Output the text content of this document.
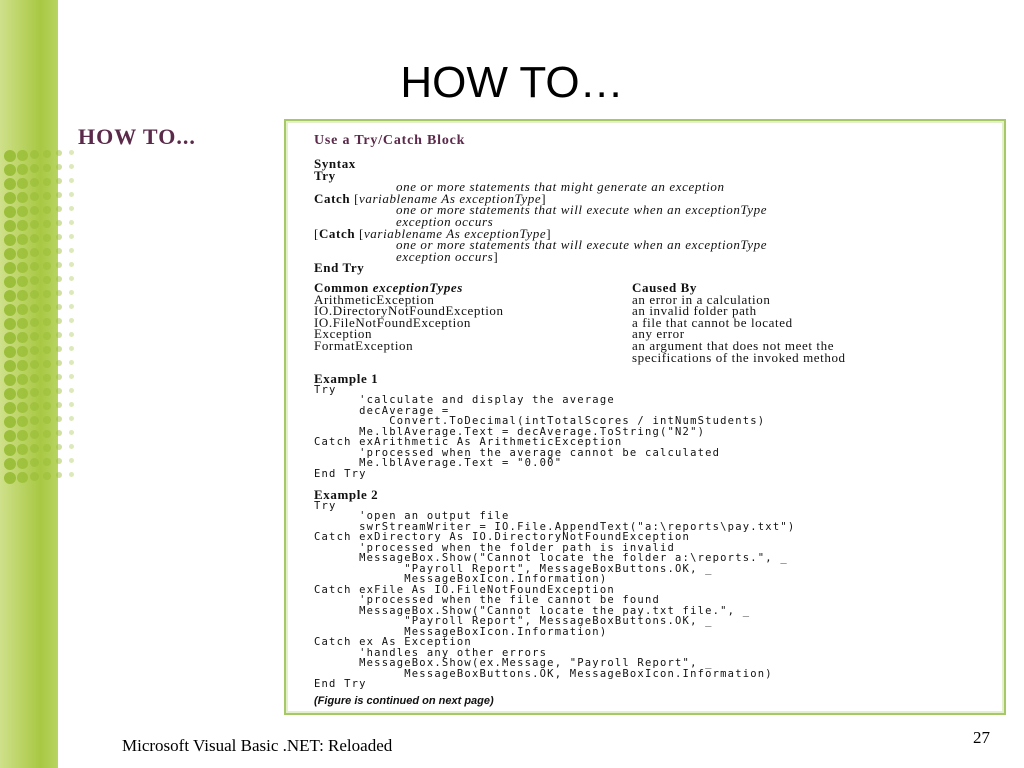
HOW TO…
HOW TO...	Use a Try/Catch Block
Syntax
Try
one or more statements that might generate an exception
Catch [variablename As exceptionType]
one or more statements that will execute when an exceptionType
exception occurs
[Catch [variablename As exceptionType]
one or more statements that will execute when an exceptionType
exception occurs]
End Try
Common exceptionTypes	Caused By
ArithmeticException	an error in a calculation
IO.DirectoryNotFoundException	an invalid folder path
IO.FileNotFoundException	a file that cannot be located
Exception	any error
FormatException	an argument that does not meet the
specifications of the invoked method
Example 1
Try
'calculate and display the average
decAverage =
Convert.ToDecimal(intTotalScores / intNumStudents)
Me.lblAverage.Text = decAverage.ToString("N2")
Catch exArithmetic As ArithmeticException
'processed when the average cannot be calculated
Me.lblAverage.Text = "0.00"
End Try
Example 2
Try
'open an output file
swrStreamWriter = IO.File.AppendText("a:\reports\pay.txt")
Catch exDirectory As IO.DirectoryNotFoundException
'processed when the folder path is invalid
MessageBox.Show("Cannot locate the folder a:\reports.", _
"Payroll Report", MessageBoxButtons.OK, _
MessageBoxIcon.Information)
Catch exFile As IO.FileNotFoundException
'processed when the file cannot be found
MessageBox.Show("Cannot locate the pay.txt file.", _
"Payroll Report", MessageBoxButtons.OK, _
MessageBoxIcon.Information)
Catch ex As Exception
'handles any other errors
MessageBox.Show(ex.Message, "Payroll Report", _
MessageBoxButtons.OK, MessageBoxIcon.Information)
End Try
(Figure is continued on next page)
Microsoft Visual Basic .NET: Reloaded	27
